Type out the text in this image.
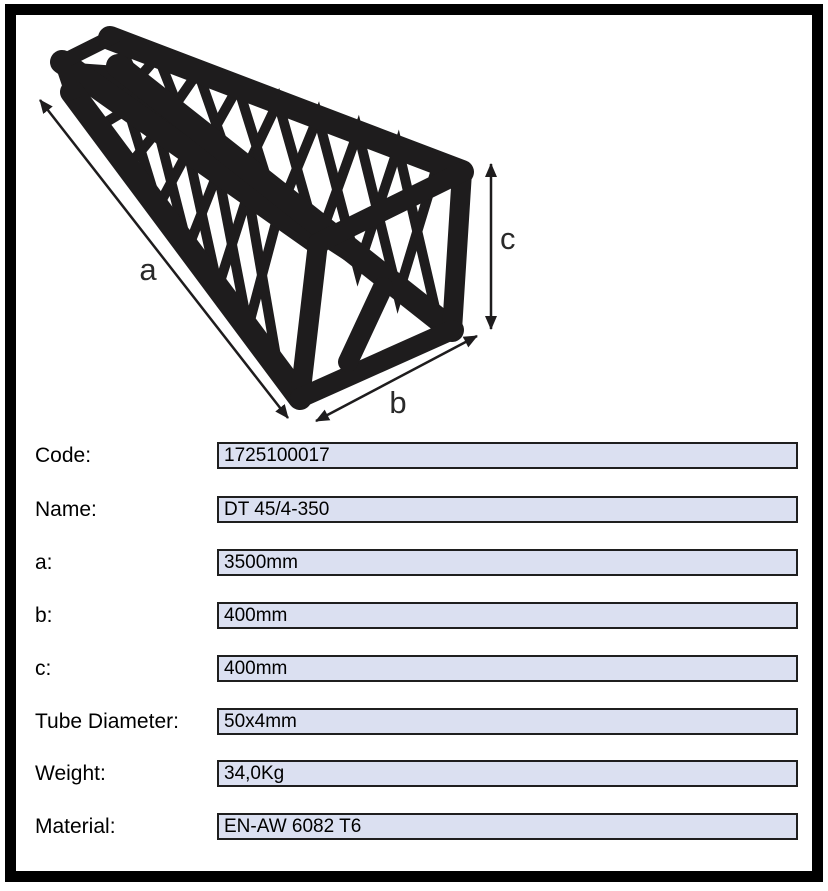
a
b
c
Code:	1725100017
Name:	DT 45/4-350
a:	3500mm
b:	400mm
c:	400mm
Tube Diameter: 50x4mm
Weight:	34,0Kg
Material:	EN-AW 6082 T6
